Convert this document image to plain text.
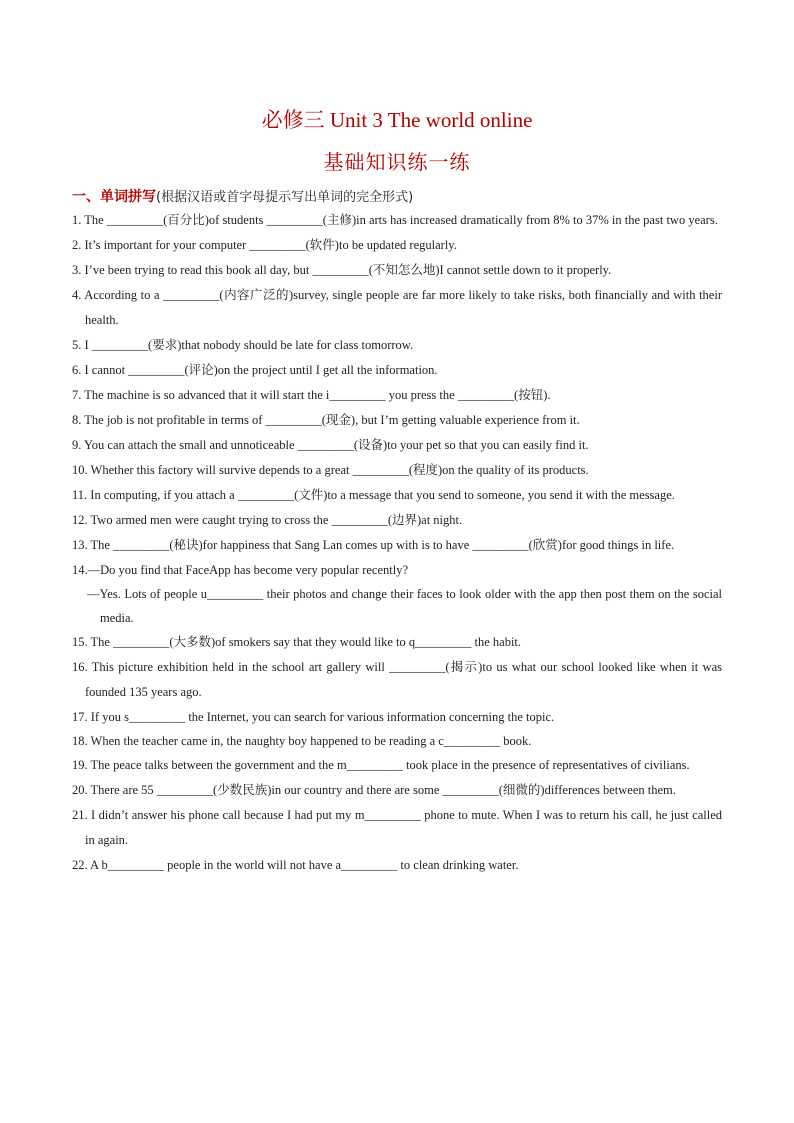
必修三 Unit 3 The world online
基础知识练一练
一、单词拼写(根据汉语或首字母提示写出单词的完全形式)

1. The _________(百分比)of students _________(主修)in arts has increased dramatically from 8% to 37% in the past two years.

2. It’s important for your computer _________(软件)to be updated regularly.

3. I’ve been trying to read this book all day, but _________(不知怎么地)I cannot settle down to it properly.

4. According to a _________(内容广泛的)survey, single people are far more likely to take risks, both financially and with their health.

5. I _________(要求)that nobody should be late for class tomorrow.

6. I cannot _________(评论)on the project until I get all the information.

7. The machine is so advanced that it will start the i_________ you press the _________(按钮).

8. The job is not profitable in terms of _________(现金), but I’m getting valuable experience from it.

9. You can attach the small and unnoticeable _________(设备)to your pet so that you can easily find it.

10. Whether this factory will survive depends to a great _________(程度)on the quality of its products.

11. In computing, if you attach a _________(文件)to a message that you send to someone, you send it with the message.

12. Two armed men were caught trying to cross the _________(边界)at night.

13. The _________(秘诀)for happiness that Sang Lan comes up with is to have _________(欣赏)for good things in life.

14.—Do you find that FaceApp has become very popular recently?

—Yes. Lots of people u_________ their photos and change their faces to look older with the app then post them on the social media.

15. The _________(大多数)of smokers say that they would like to q_________ the habit.

16. This picture exhibition held in the school art gallery will _________(揭示)to us what our school looked like when it was founded 135 years ago.

17. If you s_________ the Internet, you can search for various information concerning the topic.

18. When the teacher came in, the naughty boy happened to be reading a c_________ book.

19. The peace talks between the government and the m_________ took place in the presence of representatives of civilians.

20. There are 55 _________(少数民族)in our country and there are some _________(细微的)differences between them.

21. I didn’t answer his phone call because I had put my m_________ phone to mute. When I was to return his call, he just called in again.

22. A b_________ people in the world will not have a_________ to clean drinking water.
